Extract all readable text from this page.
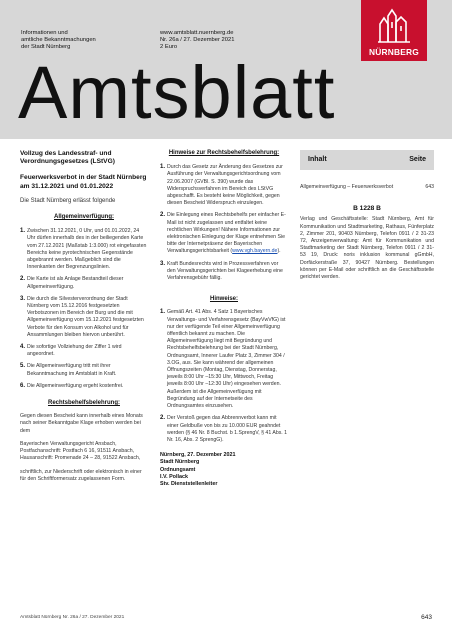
Informationen und
amtliche Bekanntmachungen
der Stadt Nürnberg
www.amtsblatt.nuernberg.de
Nr. 26a / 27. Dezember 2021
2 Euro	NÜRNBERG
Amtsblatt
Vollzug des Landesstraf- und Verordnungsgesetzes (LStVG)
Feuerwerksverbot in der Stadt Nürnberg am 31.12.2021 und 01.01.2022
Die Stadt Nürnberg erlässt folgende
Allgemeinverfügung:
1. Zwischen 31.12.2021, 0 Uhr, und 01.01.2022, 24 Uhr dürfen innerhalb des in der beiliegenden Karte vom 27.12.2021 (Maßstab 1:3.000) rot eingefassten Bereichs keine pyrotechnischen Gegenstände abgebrannt werden. Maßgeblich sind die Innenkanten der Begrenzungslinien.
2. Die Karte ist als Anlage Bestandteil dieser Allgemeinverfügung.
3. Die durch die Silvesterverordnung der Stadt Nürnberg vom 15.12.2016 festgesetzten Verbotszonen im Bereich der Burg und die mit Allgemeinverfügung vom 15.12.2021 festgesetzten Verbote für den Konsum von Alkohol und für Ansammlungen bleiben hiervon unberührt.
4. Die sofortige Vollziehung der Ziffer 1 wird angeordnet.
5. Die Allgemeinverfügung tritt mit ihrer Bekanntmachung im Amtsblatt in Kraft.
6. Die Allgemeinverfügung ergeht kostenfrei.
Rechtsbehelfsbelehrung:
Gegen diesen Bescheid kann innerhalb eines Monats nach seiner Bekanntgabe Klage erhoben werden bei dem
Bayerischen Verwaltungsgericht Ansbach, Postfachanschrift: Postfach 6 16, 91511 Ansbach, Hausanschrift: Promenade 24 – 28, 91522 Ansbach,
schriftlich, zur Niederschrift oder elektronisch in einer für den Schriftformersatz zugelassenen Form.
Hinweise zur Rechtsbehelfsbelehrung:
1. Durch das Gesetz zur Änderung des Gesetzes zur Ausführung der Verwaltungsgerichtsordnung vom 22.06.2007 (GVBl. S. 390) wurde das Widerspruchsverfahren im Bereich des LStVG abgeschafft. Es besteht keine Möglichkeit, gegen diesen Bescheid Widerspruch einzulegen.
2. Die Einlegung eines Rechtsbehelfs per einfacher E-Mail ist nicht zugelassen und entfaltet keine rechtlichen Wirkungen! Nähere Informationen zur elektronischen Einlegung der Klage entnehmen Sie bitte der Internetpräsenz der Bayerischen Verwaltungsgerichtsbarkeit (www.vgh.bayern.de).
3. Kraft Bundesrechts wird in Prozessverfahren vor den Verwaltungsgerichten bei Klageerhebung eine Verfahrensgebühr fällig.
Hinweise:
1. Gemäß Art. 41 Abs. 4 Satz 1 Bayerisches Verwaltungs- und Verfahrensgesetz (BayVwVfG) ist nur der verfügende Teil einer Allgemeinverfügung öffentlich bekannt zu machen. Die Allgemeinverfügung liegt mit Begründung und Rechtsbehelfsbelehrung bei der Stadt Nürnberg, Ordnungsamt, Innerer Laufer Platz 3, Zimmer 304 / 3.OG, aus. Sie kann während der allgemeinen Öffnungszeiten (Montag, Dienstag, Donnerstag, jeweils 8:00 Uhr –15:30 Uhr, Mittwoch, Freitag jeweils 8:00 Uhr –12:30 Uhr) eingesehen werden. Außerdem ist die Allgemeinverfügung mit Begründung auf der Internetseite des Ordnungsamtes einzusehen.
2. Der Verstoß gegen das Abbrennverbot kann mit einer Geldbuße von bis zu 10.000 EUR geahndet werden (§ 46 Nr. 8 Buchst. b 1.SprengV, § 41 Abs. 1 Nr. 16, Abs. 2 SprengG).
Nürnberg, 27. Dezember 2021
Stadt Nürnberg
Ordnungsamt
I.V. Pollack
Stv. Dienststellenleiter
Inhalt	Seite
Allgemeinverfügung – Feuerwerksverbot	643
B 1228 B
Verlag und Geschäftsstelle: Stadt Nürnberg, Amt für Kommunikation und Stadtmarketing, Rathaus, Fünferplatz 2, Zimmer 201, 90403 Nürnberg, Telefon 0911 / 2 31-23 72, Anzeigenverwaltung: Amt für Kommunikation und Stadtmarketing der Stadt Nürnberg, Telefon 0911 / 2 31-53 19, Druck: noris inklusion kommunal gGmbH, Dorfäckerstraße 37, 90427 Nürnberg. Bestellungen können per E-Mail oder schriftlich an die Geschäftsstelle gerichtet werden.
Amtsblatt Nürnberg Nr. 26a / 27. Dezember 2021	643
